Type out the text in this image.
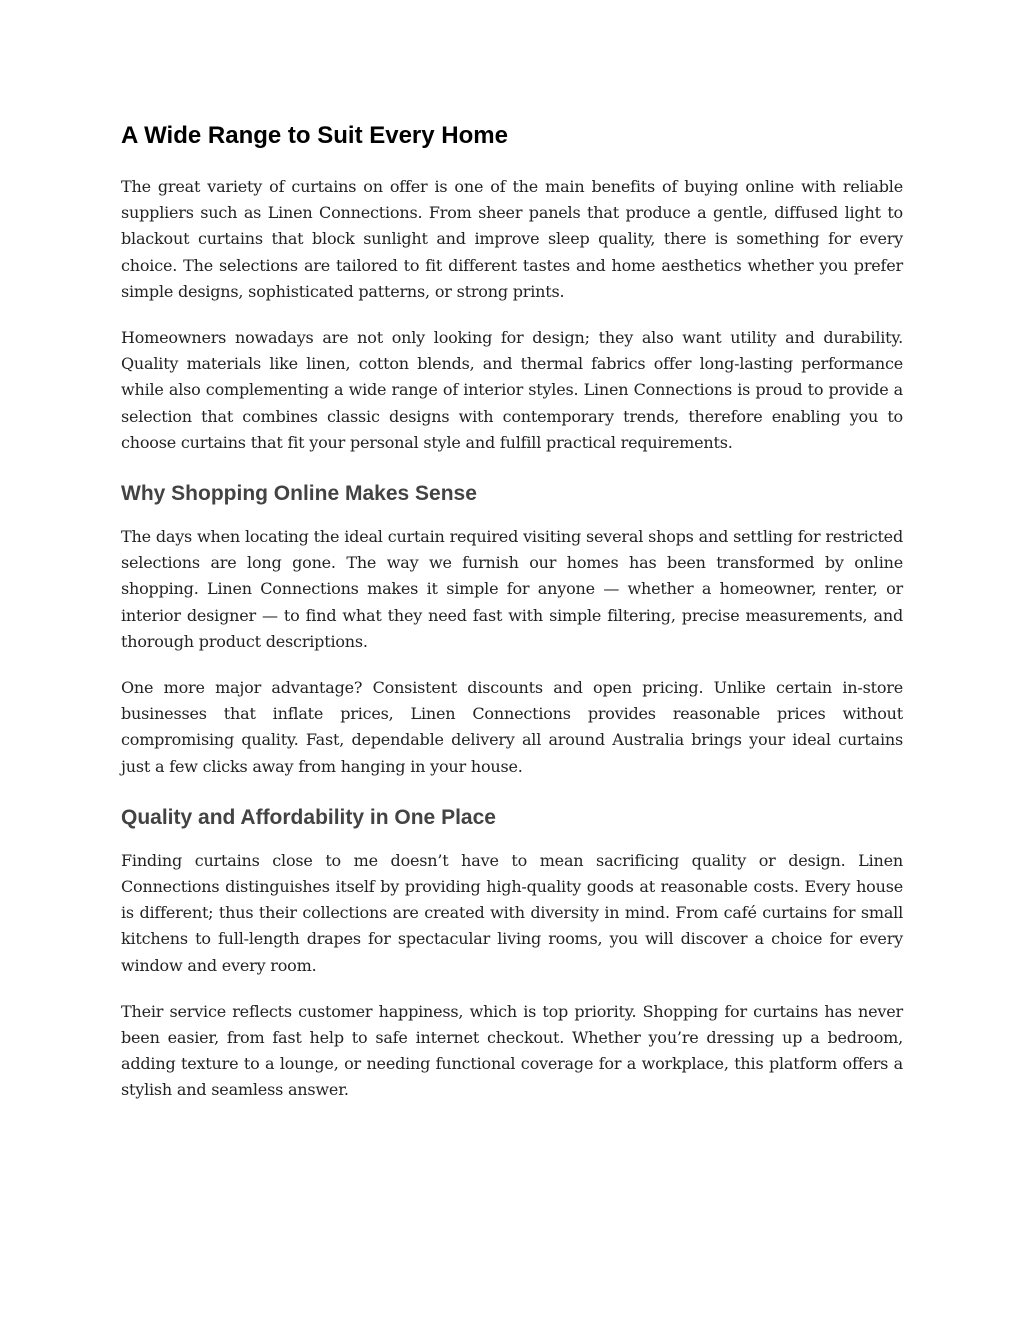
A Wide Range to Suit Every Home

The great variety of curtains on offer is one of the main benefits of buying online with reliable suppliers such as Linen Connections. From sheer panels that produce a gentle, diffused light to blackout curtains that block sunlight and improve sleep quality, there is something for every choice. The selections are tailored to fit different tastes and home aesthetics whether you prefer simple designs, sophisticated patterns, or strong prints.

Homeowners nowadays are not only looking for design; they also want utility and durability. Quality materials like linen, cotton blends, and thermal fabrics offer long-lasting performance while also complementing a wide range of interior styles. Linen Connections is proud to provide a selection that combines classic designs with contemporary trends, therefore enabling you to choose curtains that fit your personal style and fulfill practical requirements.

Why Shopping Online Makes Sense

The days when locating the ideal curtain required visiting several shops and settling for restricted selections are long gone. The way we furnish our homes has been transformed by online shopping. Linen Connections makes it simple for anyone — whether a homeowner, renter, or interior designer — to find what they need fast with simple filtering, precise measurements, and thorough product descriptions.

One more major advantage? Consistent discounts and open pricing. Unlike certain in-store businesses that inflate prices, Linen Connections provides reasonable prices without compromising quality. Fast, dependable delivery all around Australia brings your ideal curtains just a few clicks away from hanging in your house.

Quality and Affordability in One Place

Finding curtains close to me doesn’t have to mean sacrificing quality or design. Linen Connections distinguishes itself by providing high-quality goods at reasonable costs. Every house is different; thus their collections are created with diversity in mind. From café curtains for small kitchens to full-length drapes for spectacular living rooms, you will discover a choice for every window and every room.

Their service reflects customer happiness, which is top priority. Shopping for curtains has never been easier, from fast help to safe internet checkout. Whether you’re dressing up a bedroom, adding texture to a lounge, or needing functional coverage for a workplace, this platform offers a stylish and seamless answer.
